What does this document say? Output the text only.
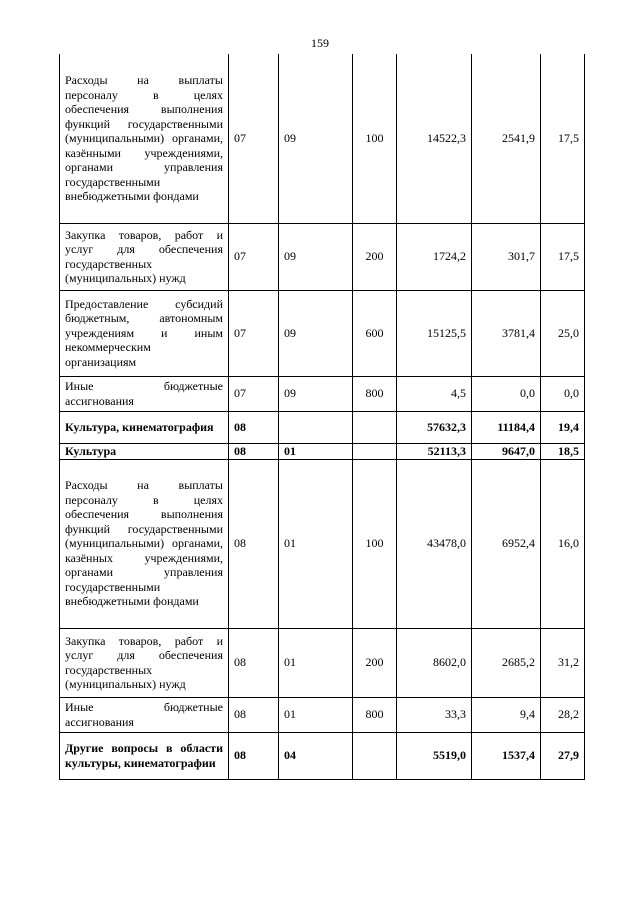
159
Расходы на выплаты персоналу в целях обеспечения выполнения функций государственными (муниципальными) органами, казёнными учреждениями, органами управления государственными внебюджетными фондами	07	09	100	14522,3	2541,9	17,5
Закупка товаров, работ и услуг для обеспечения государственных (муниципальных) нужд	07	09	200	1724,2	301,7	17,5
Предоставление субсидий бюджетным, автономным учреждениям и иным некоммерческим организациям	07	09	600	15125,5	3781,4	25,0
Иные бюджетные ассигнования	07	09	800	4,5	0,0	0,0
Культура, кинематография	08			57632,3	11184,4	19,4
Культура	08	01		52113,3	9647,0	18,5
Расходы на выплаты персоналу в целях обеспечения выполнения функций государственными (муниципальными) органами, казённых учреждениями, органами управления государственными внебюджетными фондами	08	01	100	43478,0	6952,4	16,0
Закупка товаров, работ и услуг для обеспечения государственных (муниципальных) нужд	08	01	200	8602,0	2685,2	31,2
Иные бюджетные ассигнования	08	01	800	33,3	9,4	28,2
Другие вопросы в области культуры, кинематографии	08	04		5519,0	1537,4	27,9
